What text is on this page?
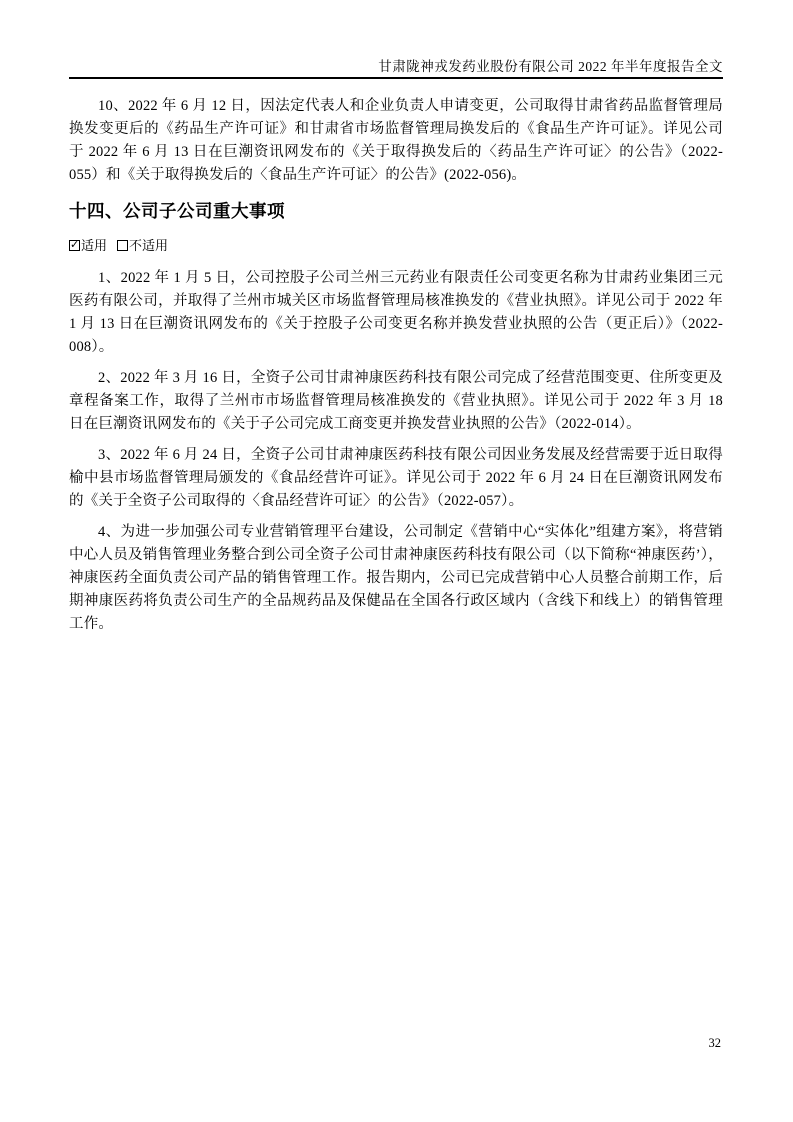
甘肃陇神戎发药业股份有限公司 2022 年半年度报告全文

10、2022 年 6 月 12 日，因法定代表人和企业负责人申请变更，公司取得甘肃省药品监督管理局换发变更后的《药品生产许可证》和甘肃省市场监督管理局换发后的《食品生产许可证》。详见公司于 2022 年 6 月 13 日在巨潮资讯网发布的《关于取得换发后的〈药品生产许可证〉的公告》（2022-055）和《关于取得换发后的〈食品生产许可证〉的公告》(2022-056)。

十四、公司子公司重大事项
✓ 适用 不适用

1、2022 年 1 月 5 日，公司控股子公司兰州三元药业有限责任公司变更名称为甘肃药业集团三元医药有限公司，并取得了兰州市城关区市场监督管理局核准换发的《营业执照》。详见公司于 2022 年 1 月 13 日在巨潮资讯网发布的《关于控股子公司变更名称并换发营业执照的公告（更正后）》（2022-008）。

2、2022 年 3 月 16 日，全资子公司甘肃神康医药科技有限公司完成了经营范围变更、住所变更及章程备案工作，取得了兰州市市场监督管理局核准换发的《营业执照》。详见公司于 2022 年 3 月 18 日在巨潮资讯网发布的《关于子公司完成工商变更并换发营业执照的公告》（2022-014）。

3、2022 年 6 月 24 日，全资子公司甘肃神康医药科技有限公司因业务发展及经营需要于近日取得榆中县市场监督管理局颁发的《食品经营许可证》。详见公司于 2022 年 6 月 24 日在巨潮资讯网发布的《关于全资子公司取得的〈食品经营许可证〉的公告》（2022-057）。

4、为进一步加强公司专业营销管理平台建设，公司制定《营销中心“实体化”组建方案》，将营销中心人员及销售管理业务整合到公司全资子公司甘肃神康医药科技有限公司（以下简称“神康医药’），神康医药全面负责公司产品的销售管理工作。报告期内，公司已完成营销中心人员整合前期工作，后期神康医药将负责公司生产的全品规药品及保健品在全国各行政区域内（含线下和线上）的销售管理工作。

32
